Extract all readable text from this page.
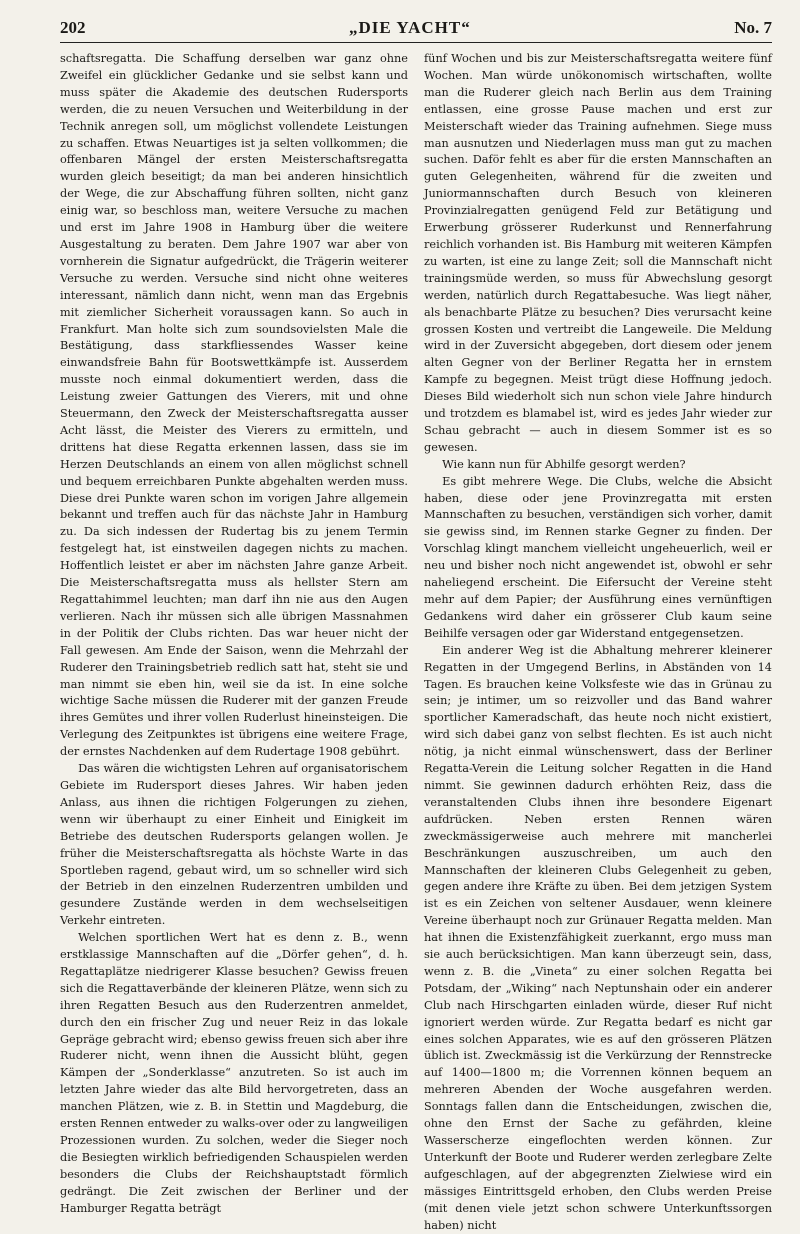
202	„DIE YACHT“	No. 7

schaftsregatta. Die Schaffung derselben war ganz ohne Zweifel ein glücklicher Gedanke und sie selbst kann und muss später die Akademie des deutschen Rudersports werden, die zu neuen Versuchen und Weiterbildung in der Technik anregen soll, um möglichst vollendete Leistungen zu schaffen. Etwas Neuartiges ist ja selten vollkommen; die offenbaren Mängel der ersten Meisterschaftsregatta wurden gleich beseitigt; da man bei anderen hinsichtlich der Wege, die zur Abschaffung führen sollten, nicht ganz einig war, so beschloss man, weitere Versuche zu machen und erst im Jahre 1908 in Hamburg über die weitere Ausgestaltung zu beraten. Dem Jahre 1907 war aber von vornherein die Signatur aufgedrückt, die Trägerin weiterer Versuche zu werden. Versuche sind nicht ohne weiteres interessant, nämlich dann nicht, wenn man das Ergebnis mit ziemlicher Sicherheit voraussagen kann. So auch in Frankfurt. Man holte sich zum soundsovielsten Male die Bestätigung, dass starkfliessendes Wasser keine einwandsfreie Bahn für Bootswettkämpfe ist. Ausserdem musste noch einmal dokumentiert werden, dass die Leistung zweier Gattungen des Vierers, mit und ohne Steuermann, den Zweck der Meisterschaftsregatta ausser Acht lässt, die Meister des Vierers zu ermitteln, und drittens hat diese Regatta erkennen lassen, dass sie im Herzen Deutschlands an einem von allen möglichst schnell und bequem erreichbaren Punkte abgehalten werden muss. Diese drei Punkte waren schon im vorigen Jahre allgemein bekannt und treffen auch für das nächste Jahr in Hamburg zu. Da sich indessen der Rudertag bis zu jenem Termin festgelegt hat, ist einstweilen dagegen nichts zu machen. Hoffentlich leistet er aber im nächsten Jahre ganze Arbeit. Die Meisterschaftsregatta muss als hellster Stern am Regattahimmel leuchten; man darf ihn nie aus den Augen verlieren. Nach ihr müssen sich alle übrigen Massnahmen in der Politik der Clubs richten. Das war heuer nicht der Fall gewesen. Am Ende der Saison, wenn die Mehrzahl der Ruderer den Trainingsbetrieb redlich satt hat, steht sie und man nimmt sie eben hin, weil sie da ist. In eine solche wichtige Sache müssen die Ruderer mit der ganzen Freude ihres Gemütes und ihrer vollen Ruderlust hineinsteigen. Die Verlegung des Zeitpunktes ist übrigens eine weitere Frage, der ernstes Nachdenken auf dem Rudertage 1908 gebührt.

Das wären die wichtigsten Lehren auf organisatorischem Gebiete im Rudersport dieses Jahres. Wir haben jeden Anlass, aus ihnen die richtigen Folgerungen zu ziehen, wenn wir überhaupt zu einer Einheit und Einigkeit im Betriebe des deutschen Rudersports gelangen wollen. Je früher die Meisterschaftsregatta als höchste Warte in das Sportleben ragend, gebaut wird, um so schneller wird sich der Betrieb in den einzelnen Ruderzentren umbilden und gesundere Zustände werden in dem wechselseitigen Verkehr eintreten.

Welchen sportlichen Wert hat es denn z. B., wenn erstklassige Mannschaften auf die „Dörfer gehen“, d. h. Regattaplätze niedrigerer Klasse besuchen? Gewiss freuen sich die Regattaverbände der kleineren Plätze, wenn sich zu ihren Regatten Besuch aus den Ruderzentren anmeldet, durch den ein frischer Zug und neuer Reiz in das lokale Gepräge gebracht wird; ebenso gewiss freuen sich aber ihre Ruderer nicht, wenn ihnen die Aussicht blüht, gegen Kämpen der „Sonderklasse“ anzutreten. So ist auch im letzten Jahre wieder das alte Bild hervorgetreten, dass an manchen Plätzen, wie z. B. in Stettin und Magdeburg, die ersten Rennen entweder zu walks-over oder zu langweiligen Prozessionen wurden. Zu solchen, weder die Sieger noch die Besiegten wirklich befriedigenden Schauspielen werden besonders die Clubs der Reichshauptstadt förmlich gedrängt. Die Zeit zwischen der Berliner und der Hamburger Regatta beträgt

fünf Wochen und bis zur Meisterschaftsregatta weitere fünf Wochen. Man würde unökonomisch wirtschaften, wollte man die Ruderer gleich nach Berlin aus dem Training entlassen, eine grosse Pause machen und erst zur Meisterschaft wieder das Training aufnehmen. Siege muss man ausnutzen und Niederlagen muss man gut zu machen suchen. Daför fehlt es aber für die ersten Mannschaften an guten Gelegenheiten, während für die zweiten und Juniormannschaften durch Besuch von kleineren Provinzialregatten genügend Feld zur Betätigung und Erwerbung grösserer Ruderkunst und Rennerfahrung reichlich vorhanden ist. Bis Hamburg mit weiteren Kämpfen zu warten, ist eine zu lange Zeit; soll die Mannschaft nicht trainingsmüde werden, so muss für Abwechslung gesorgt werden, natürlich durch Regattabesuche. Was liegt näher, als benachbarte Plätze zu besuchen? Dies verursacht keine grossen Kosten und vertreibt die Langeweile. Die Meldung wird in der Zuversicht abgegeben, dort diesem oder jenem alten Gegner von der Berliner Regatta her in ernstem Kampfe zu begegnen. Meist trügt diese Hoffnung jedoch. Dieses Bild wiederholt sich nun schon viele Jahre hindurch und trotzdem es blamabel ist, wird es jedes Jahr wieder zur Schau gebracht — auch in diesem Sommer ist es so gewesen.

Wie kann nun für Abhilfe gesorgt werden?

Es gibt mehrere Wege. Die Clubs, welche die Absicht haben, diese oder jene Provinzregatta mit ersten Mannschaften zu besuchen, verständigen sich vorher, damit sie gewiss sind, im Rennen starke Gegner zu finden. Der Vorschlag klingt manchem vielleicht ungeheuerlich, weil er neu und bisher noch nicht angewendet ist, obwohl er sehr naheliegend erscheint. Die Eifersucht der Vereine steht mehr auf dem Papier; der Ausführung eines vernünftigen Gedankens wird daher ein grösserer Club kaum seine Beihilfe versagen oder gar Widerstand entgegensetzen.

Ein anderer Weg ist die Abhaltung mehrerer kleinerer Regatten in der Umgegend Berlins, in Abständen von 14 Tagen. Es brauchen keine Volksfeste wie das in Grünau zu sein; je intimer, um so reizvoller und das Band wahrer sportlicher Kameradschaft, das heute noch nicht existiert, wird sich dabei ganz von selbst flechten. Es ist auch nicht nötig, ja nicht einmal wünschenswert, dass der Berliner Regatta-Verein die Leitung solcher Regatten in die Hand nimmt. Sie gewinnen dadurch erhöhten Reiz, dass die veranstaltenden Clubs ihnen ihre besondere Eigenart aufdrücken. Neben ersten Rennen wären zweckmässigerweise auch mehrere mit mancherlei Beschränkungen auszuschreiben, um auch den Mannschaften der kleineren Clubs Gelegenheit zu geben, gegen andere ihre Kräfte zu üben. Bei dem jetzigen System ist es ein Zeichen von seltener Ausdauer, wenn kleinere Vereine überhaupt noch zur Grünauer Regatta melden. Man hat ihnen die Existenzfähigkeit zuerkannt, ergo muss man sie auch berücksichtigen. Man kann überzeugt sein, dass, wenn z. B. die „Vineta“ zu einer solchen Regatta bei Potsdam, der „Wiking“ nach Neptunshain oder ein anderer Club nach Hirschgarten einladen würde, dieser Ruf nicht ignoriert werden würde. Zur Regatta bedarf es nicht gar eines solchen Apparates, wie es auf den grösseren Plätzen üblich ist. Zweckmässig ist die Verkürzung der Rennstrecke auf 1400—1800 m; die Vorrennen können bequem an mehreren Abenden der Woche ausgefahren werden. Sonntags fallen dann die Entscheidungen, zwischen die, ohne den Ernst der Sache zu gefährden, kleine Wasserscherze eingeflochten werden können. Zur Unterkunft der Boote und Ruderer werden zerlegbare Zelte aufgeschlagen, auf der abgegrenzten Zielwiese wird ein mässiges Eintrittsgeld erhoben, den Clubs werden Preise (mit denen viele jetzt schon schwere Unterkunftssorgen haben) nicht
